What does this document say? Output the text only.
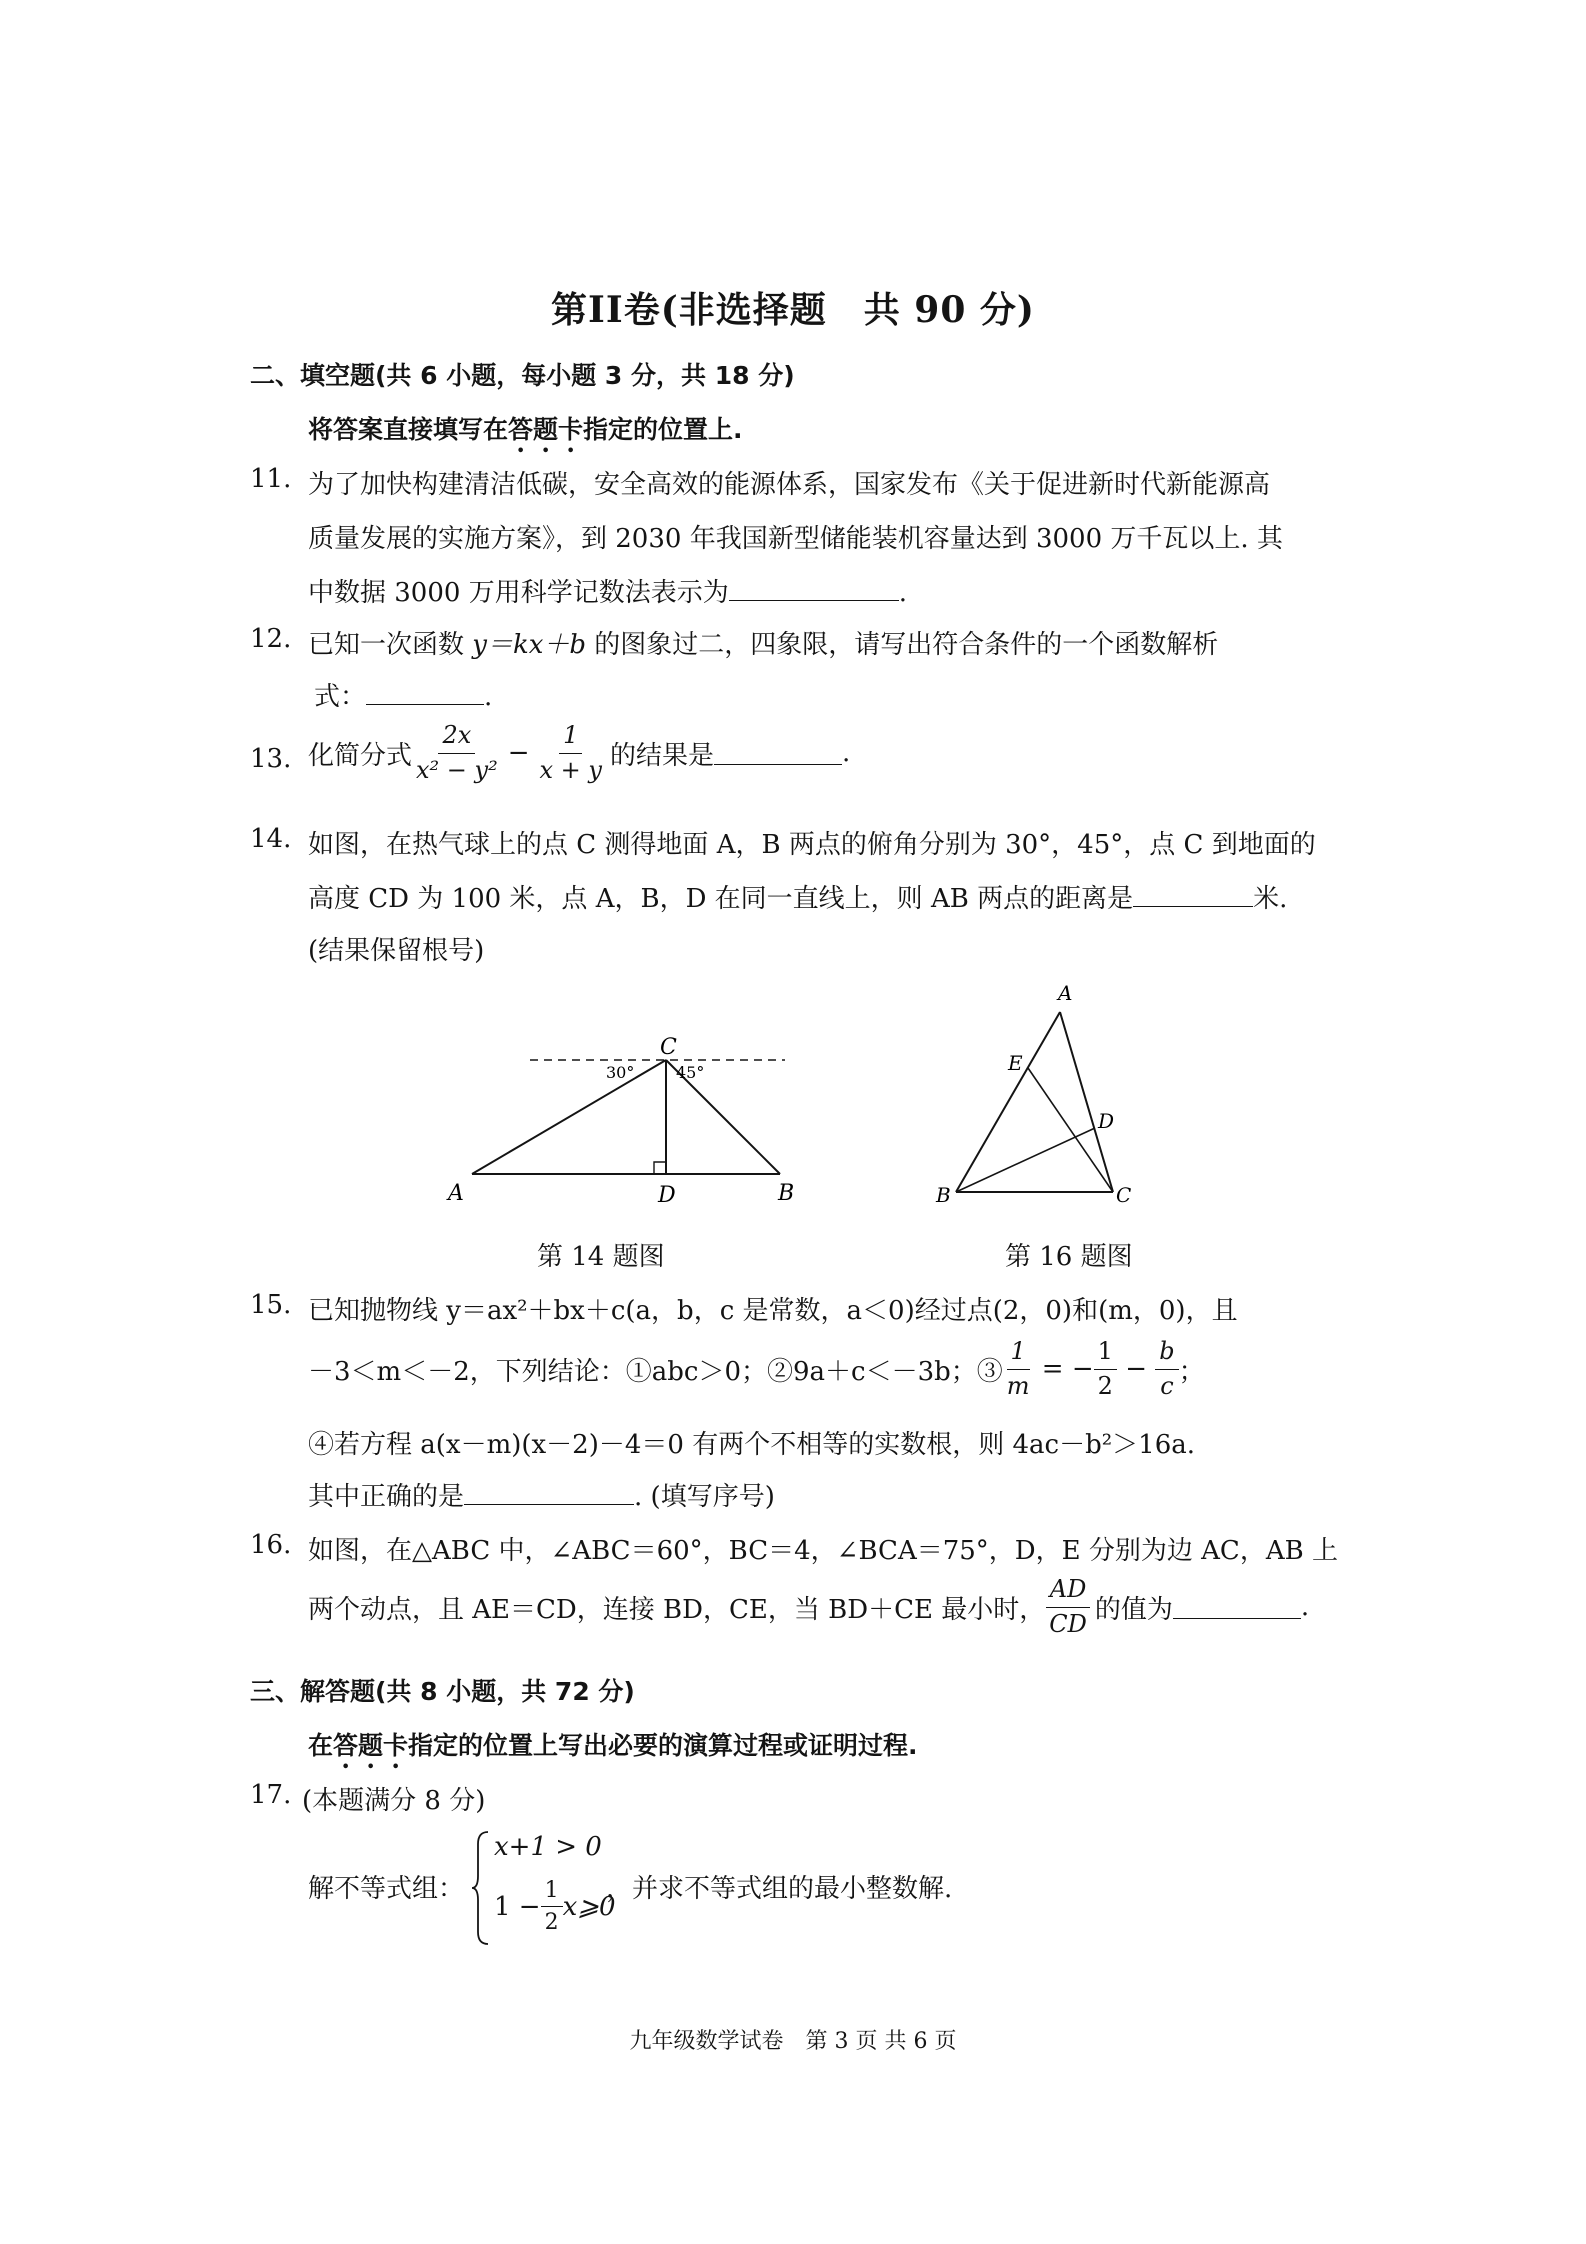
第II卷(非选择题　共 90 分)
二、填空题(共 6 小题，每小题 3 分，共 18 分)
将答案直接填写在答题卡指定的位置上.
11. 为了加快构建清洁低碳，安全高效的能源体系，国家发布《关于促进新时代新能源高
质量发展的实施方案》，到 2030 年我国新型储能装机容量达到 3000 万千瓦以上. 其
中数据 3000 万用科学记数法表示为	.
12. 已知一次函数 y＝kx＋b 的图象过二，四象限，请写出符合条件的一个函数解析
式：	.
13. 化简分式 $\frac{2x}{\text{x² − y²}} - \frac{1}{x + y}$ 的结果是	.
14. 如图，在热气球上的点 C 测得地面 A，B 两点的俯角分别为 30°，45°，点 C 到地面的
高度 CD 为 100 米，点 A，B，D 在同一直线上，则 AB 两点的距离是	米.
(结果保留根号)
C
A	D	B
30°	45°
第 14 题图
A
E
D
B	C
第 16 题图
15. 已知抛物线 y＝ax²＋bx＋c(a，b，c 是常数，a＜0)经过点(2，0)和(m，0)，且
－3＜m＜－2，下列结论：①abc＞0；②9a＋c＜－3b；③ $\frac{1}{m}$ = − $\frac{1}{2} - \frac{b}{c}$ ；
④若方程 a(x－m)(x－2)－4＝0 有两个不相等的实数根，则 4ac－b²＞16a.
其中正确的是	. (填写序号)
16. 如图，在△ABC 中，∠ABC＝60°，BC＝4，∠BCA＝75°，D，E 分别为边 AC，AB 上
两个动点，且 AE＝CD，连接 BD，CE，当 BD＋CE 最小时， $\frac{AD}{CD}$ 的值为	.
三、解答题(共 8 小题，共 72 分)
在答题卡指定的位置上写出必要的演算过程或证明过程.
17. (本题满分 8 分)
解不等式组：
x+1 > 0
$1 - \frac{1}{2}$ x⩾0
，并求不等式组的最小整数解.
九年级数学试卷　第 3 页 共 6 页
